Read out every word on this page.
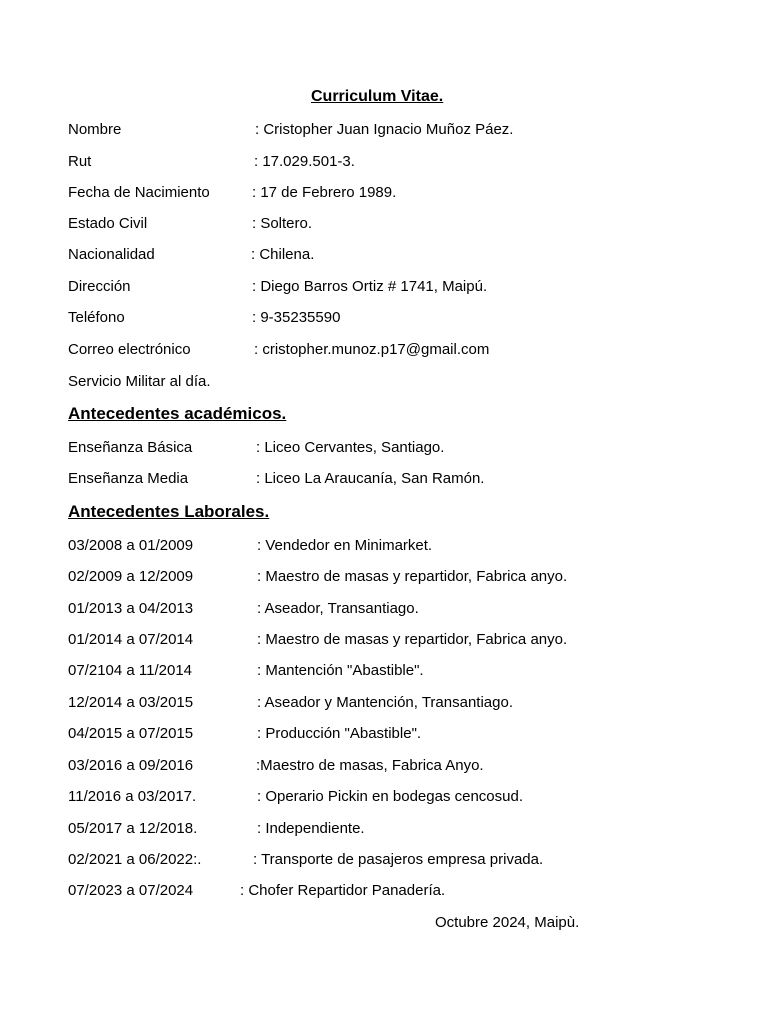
Curriculum Vitae.
Nombre	: Cristopher Juan Ignacio Muñoz Páez.
Rut	: 17.029.501-3.
Fecha de Nacimiento	: 17 de Febrero 1989.
Estado Civil	: Soltero.
Nacionalidad	: Chilena.
Dirección	: Diego Barros Ortiz # 1741, Maipú.
Teléfono	: 9-35235590
Correo electrónico	: cristopher.munoz.p17@gmail.com
Servicio Militar al día.
Antecedentes académicos.
Enseñanza Básica	: Liceo Cervantes, Santiago.
Enseñanza Media	: Liceo La Araucanía, San Ramón.
Antecedentes Laborales.
03/2008 a 01/2009	: Vendedor en Minimarket.
02/2009 a 12/2009	: Maestro de masas y repartidor, Fabrica anyo.
01/2013 a 04/2013	: Aseador, Transantiago.
01/2014 a 07/2014	: Maestro de masas y repartidor, Fabrica anyo.
07/2104 a 11/2014	: Mantención "Abastible".
12/2014 a 03/2015	: Aseador y Mantención, Transantiago.
04/2015 a 07/2015	: Producción "Abastible".
03/2016 a 09/2016	:Maestro de masas, Fabrica Anyo.
11/2016 a 03/2017.	: Operario Pickin en bodegas cencosud.
05/2017 a 12/2018.	: Independiente.
02/2021 a 06/2022:.	: Transporte de pasajeros empresa privada.
07/2023 a 07/2024	: Chofer Repartidor Panadería.
Octubre 2024, Maipù.
